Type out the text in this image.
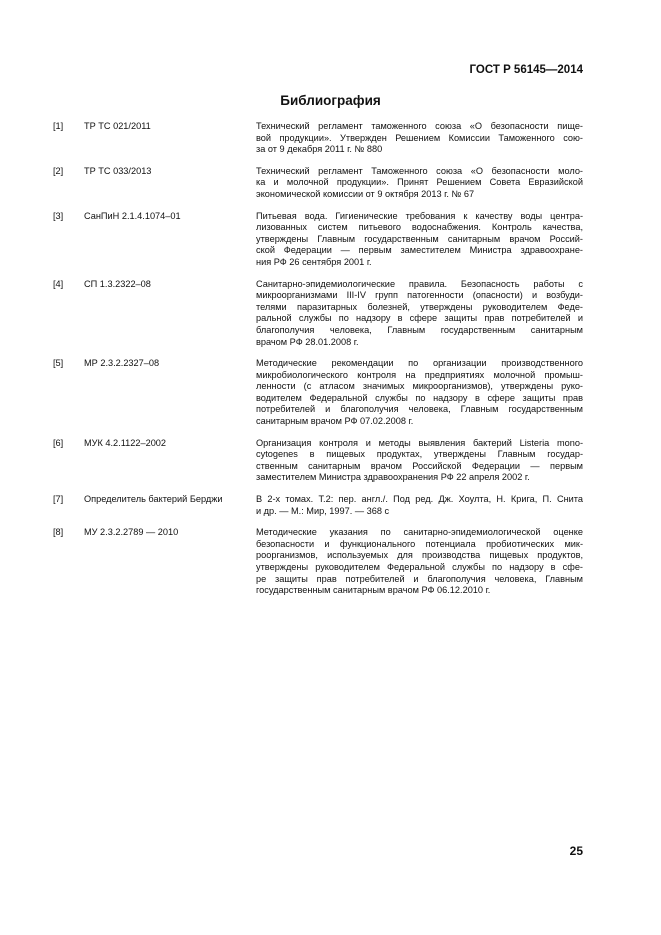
ГОСТ Р 56145—2014
Библиография
[1]	ТР ТС 021/2011	Технический регламент таможенного союза «О безопасности пище-
вой продукции». Утвержден Решением Комиссии Таможенного сою-
за от 9 декабря 2011 г. № 880
[2]	ТР ТС 033/2013	Технический регламент Таможенного союза «О безопасности моло-
ка и молочной продукции». Принят Решением Совета Евразийской
экономической комиссии от 9 октября 2013 г. № 67
[3]	СанПиН 2.1.4.1074–01	Питьевая вода. Гигиенические требования к качеству воды центра-
лизованных систем питьевого водоснабжения. Контроль качества,
утверждены Главным государственным санитарным врачом Россий-
ской Федерации — первым заместителем Министра здравоохране-
ния РФ 26 сентября 2001 г.
[4]	СП 1.3.2322–08	Санитарно-эпидемиологические правила. Безопасность работы с
микроорганизмами III-IV групп патогенности (опасности) и возбуди-
телями паразитарных болезней, утверждены руководителем Феде-
ральной службы по надзору в сфере защиты прав потребителей и
благополучия человека, Главным государственным санитарным
врачом РФ 28.01.2008 г.
[5]	МР 2.3.2.2327–08	Методические рекомендации по организации производственного
микробиологического контроля на предприятиях молочной промыш-
ленности (с атласом значимых микроорганизмов), утверждены руко-
водителем Федеральной службы по надзору в сфере защиты прав
потребителей и благополучия человека, Главным государственным
санитарным врачом РФ 07.02.2008 г.
[6]	МУК 4.2.1122–2002	Организация контроля и методы выявления бактерий Listeria mono-
cytogenes в пищевых продуктах, утверждены Главным государ-
ственным санитарным врачом Российской Федерации — первым
заместителем Министра здравоохранения РФ 22 апреля 2002 г.
[7]	Определитель бактерий Берджи	В 2-х томах. Т.2: пер. англ./. Под ред. Дж. Хоулта, Н. Крига, П. Снита
и др. — М.: Мир, 1997. — 368 с
[8]	МУ 2.3.2.2789 — 2010	Методические указания по санитарно-эпидемиологической оценке
безопасности и функционального потенциала пробиотических мик-
роорганизмов, используемых для производства пищевых продуктов,
утверждены руководителем Федеральной службы по надзору в сфе-
ре защиты прав потребителей и благополучия человека, Главным
государственным санитарным врачом РФ 06.12.2010 г.
25
